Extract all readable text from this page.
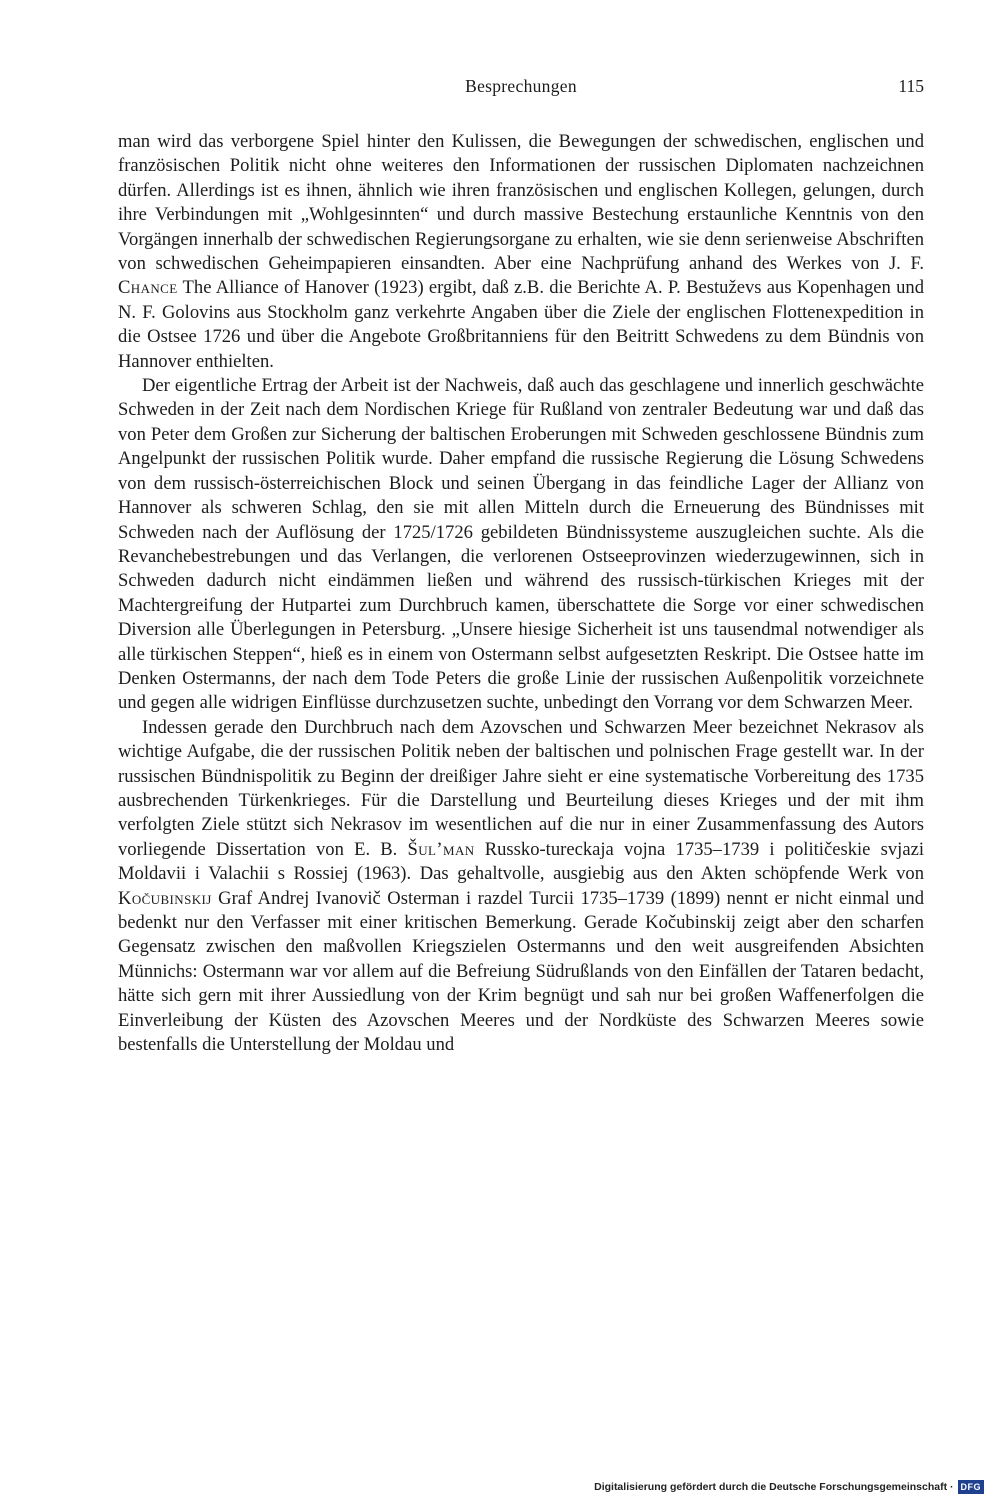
Besprechungen	115

man wird das verborgene Spiel hinter den Kulissen, die Bewegungen der schwedischen, englischen und französischen Politik nicht ohne weiteres den Informationen der russischen Diplomaten nachzeichnen dürfen. Allerdings ist es ihnen, ähnlich wie ihren französischen und englischen Kollegen, gelungen, durch ihre Verbindungen mit „Wohlgesinnten“ und durch massive Bestechung erstaunliche Kenntnis von den Vorgängen innerhalb der schwedischen Regierungsorgane zu erhalten, wie sie denn serienweise Abschriften von schwedischen Geheimpapieren einsandten. Aber eine Nachprüfung anhand des Werkes von J. F. Chance The Alliance of Hanover (1923) ergibt, daß z.B. die Berichte A. P. Bestuževs aus Kopenhagen und N. F. Golovins aus Stockholm ganz verkehrte Angaben über die Ziele der englischen Flottenexpedition in die Ostsee 1726 und über die Angebote Großbritanniens für den Beitritt Schwedens zu dem Bündnis von Hannover enthielten.

Der eigentliche Ertrag der Arbeit ist der Nachweis, daß auch das geschlagene und innerlich geschwächte Schweden in der Zeit nach dem Nordischen Kriege für Rußland von zentraler Bedeutung war und daß das von Peter dem Großen zur Sicherung der baltischen Eroberungen mit Schweden geschlossene Bündnis zum Angelpunkt der russischen Politik wurde. Daher empfand die russische Regierung die Lösung Schwedens von dem russisch-österreichischen Block und seinen Übergang in das feindliche Lager der Allianz von Hannover als schweren Schlag, den sie mit allen Mitteln durch die Erneuerung des Bündnisses mit Schweden nach der Auflösung der 1725/1726 gebildeten Bündnissysteme auszugleichen suchte. Als die Revanchebestrebungen und das Verlangen, die verlorenen Ostseeprovinzen wiederzugewinnen, sich in Schweden dadurch nicht eindämmen ließen und während des russisch-türkischen Krieges mit der Machtergreifung der Hutpartei zum Durchbruch kamen, überschattete die Sorge vor einer schwedischen Diversion alle Überlegungen in Petersburg. „Unsere hiesige Sicherheit ist uns tausendmal notwendiger als alle türkischen Steppen“, hieß es in einem von Ostermann selbst aufgesetzten Reskript. Die Ostsee hatte im Denken Ostermanns, der nach dem Tode Peters die große Linie der russischen Außenpolitik vorzeichnete und gegen alle widrigen Einflüsse durchzusetzen suchte, unbedingt den Vorrang vor dem Schwarzen Meer.

Indessen gerade den Durchbruch nach dem Azovschen und Schwarzen Meer bezeichnet Nekrasov als wichtige Aufgabe, die der russischen Politik neben der baltischen und polnischen Frage gestellt war. In der russischen Bündnispolitik zu Beginn der dreißiger Jahre sieht er eine systematische Vorbereitung des 1735 ausbrechenden Türkenkrieges. Für die Darstellung und Beurteilung dieses Krieges und der mit ihm verfolgten Ziele stützt sich Nekrasov im wesentlichen auf die nur in einer Zusammenfassung des Autors vorliegende Dissertation von E. B. Šul’man Russko-tureckaja vojna 1735–1739 i političeskie svjazi Moldavii i Valachii s Rossiej (1963). Das gehaltvolle, ausgiebig aus den Akten schöpfende Werk von Kočubinskij Graf Andrej Ivanovič Osterman i razdel Turcii 1735–1739 (1899) nennt er nicht einmal und bedenkt nur den Verfasser mit einer kritischen Bemerkung. Gerade Kočubinskij zeigt aber den scharfen Gegensatz zwischen den maßvollen Kriegszielen Ostermanns und den weit ausgreifenden Absichten Münnichs: Ostermann war vor allem auf die Befreiung Südrußlands von den Einfällen der Tataren bedacht, hätte sich gern mit ihrer Aussiedlung von der Krim begnügt und sah nur bei großen Waffenerfolgen die Einverleibung der Küsten des Azovschen Meeres und der Nordküste des Schwarzen Meeres sowie bestenfalls die Unterstellung der Moldau und

Digitalisierung gefördert durch die Deutsche Forschungsgemeinschaft · DFG
